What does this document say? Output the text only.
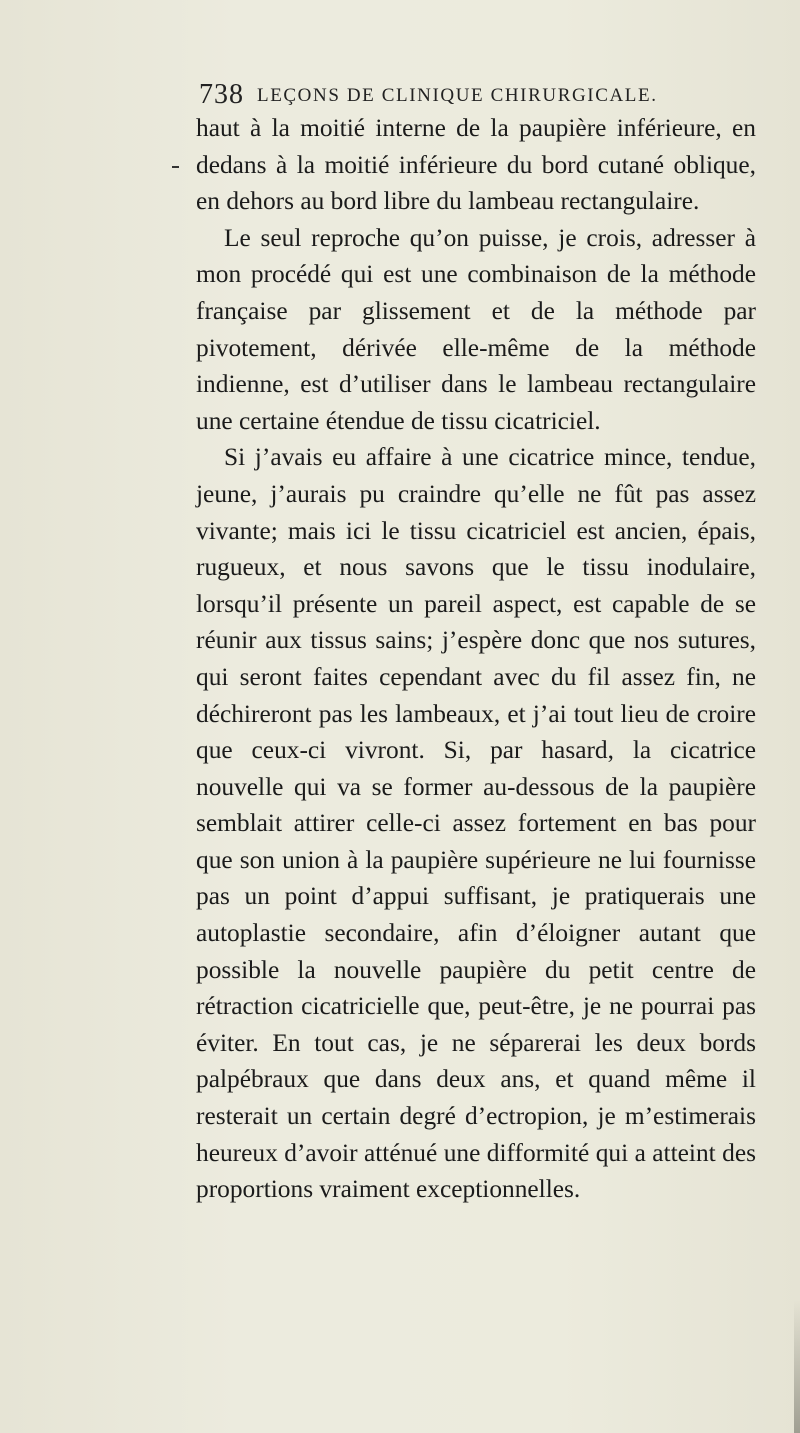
738 LEÇONS DE CLINIQUE CHIRURGICALE.

haut à la moitié interne de la paupière inférieure, en dedans à la moitié inférieure du bord cutané oblique, en dehors au bord libre du lambeau rectangulaire.

Le seul reproche qu’on puisse, je crois, adresser à mon procédé qui est une combinaison de la méthode française par glissement et de la méthode par pivotement, dérivée elle-même de la méthode indienne, est d’utiliser dans le lambeau rectangulaire une certaine étendue de tissu cicatriciel.

Si j’avais eu affaire à une cicatrice mince, tendue, jeune, j’aurais pu craindre qu’elle ne fût pas assez vivante; mais ici le tissu cicatriciel est ancien, épais, rugueux, et nous savons que le tissu inodulaire, lorsqu’il présente un pareil aspect, est capable de se réunir aux tissus sains; j’espère donc que nos sutures, qui seront faites cependant avec du fil assez fin, ne déchireront pas les lambeaux, et j’ai tout lieu de croire que ceux-ci vivront. Si, par hasard, la cicatrice nouvelle qui va se former au-dessous de la paupière semblait attirer celle-ci assez fortement en bas pour que son union à la paupière supérieure ne lui fournisse pas un point d’appui suffisant, je pratiquerais une autoplastie secondaire, afin d’éloigner autant que possible la nouvelle paupière du petit centre de rétraction cicatricielle que, peut-être, je ne pourrai pas éviter. En tout cas, je ne séparerai les deux bords palpébraux que dans deux ans, et quand même il resterait un certain degré d’ectropion, je m’estimerais heureux d’avoir atténué une difformité qui a atteint des proportions vraiment exceptionnelles.
